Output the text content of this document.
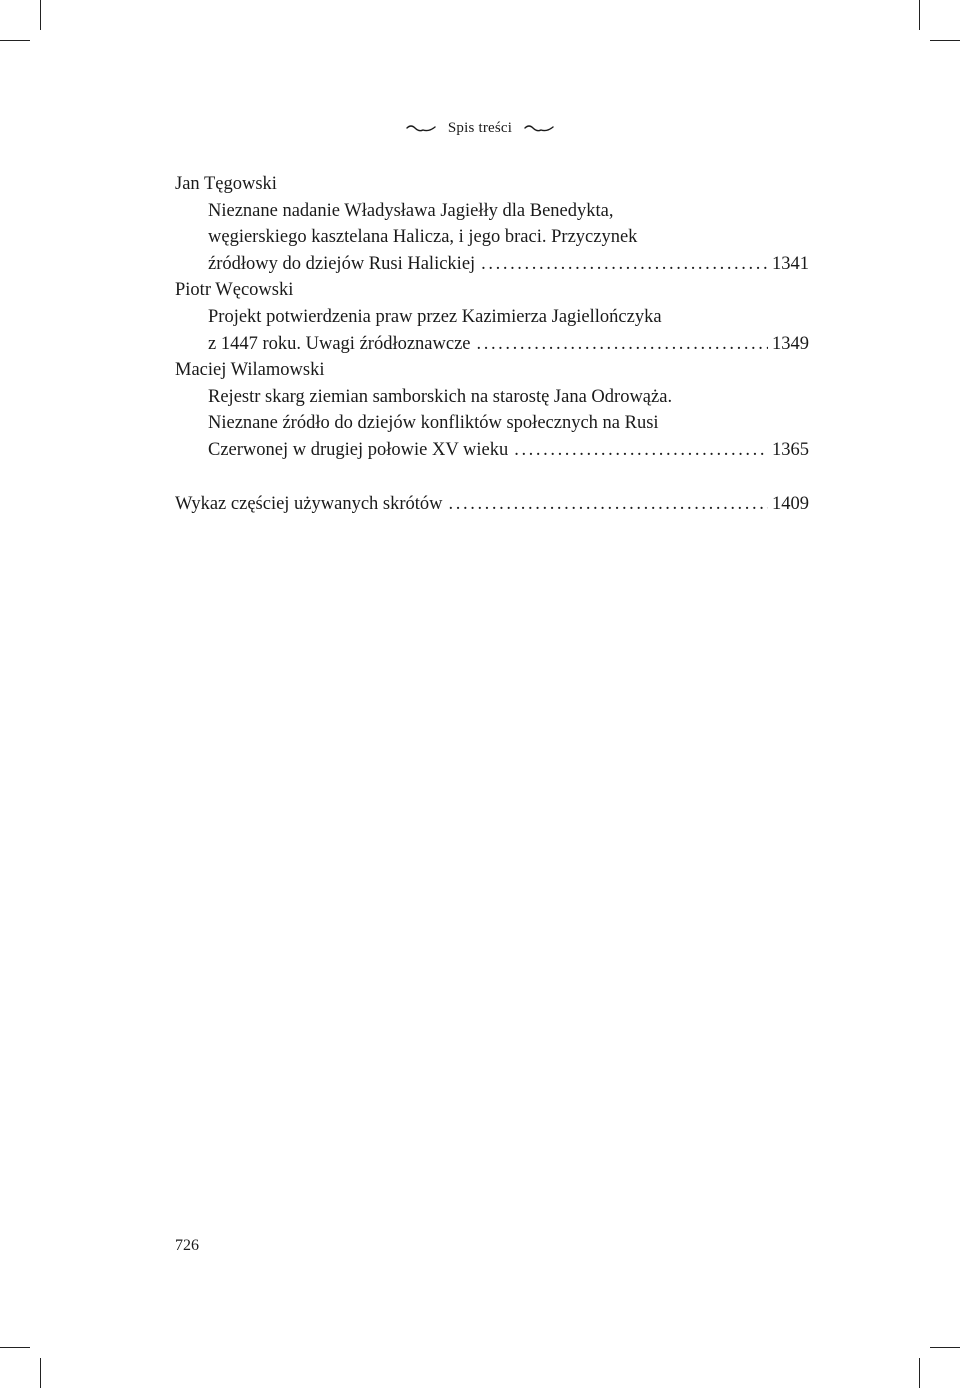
Spis treści
Jan Tęgowski
Nieznane nadanie Władysława Jagiełły dla Benedykta,
węgierskiego kasztelana Halicza, i jego braci. Przyczynek
źródłowy do dziejów Rusi Halickiej .....	1341
Piotr Węcowski
Projekt potwierdzenia praw przez Kazimierza Jagiellończyka
z 1447 roku. Uwagi źródłoznawcze .....	1349
Maciej Wilamowski
Rejestr skarg ziemian samborskich na starostę Jana Odrowąża.
Nieznane źródło do dziejów konfliktów społecznych na Rusi
Czerwonej w drugiej połowie XV wieku .....	1365
Wykaz częściej używanych skrótów .....	1409
726
